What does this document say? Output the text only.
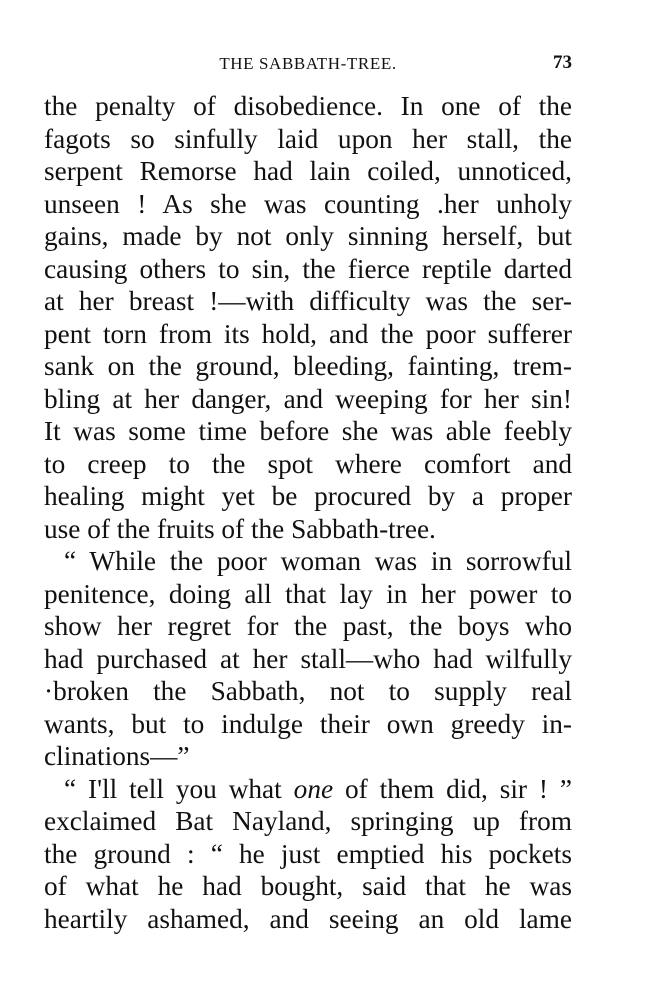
THE SABBATH-TREE.	73
the penalty of disobedience. In one of the
fagots so sinfully laid upon her stall, the
serpent Remorse had lain coiled, unnoticed,
unseen ! As she was counting .her unholy
gains, made by not only sinning herself, but
causing others to sin, the fierce reptile darted
at her breast !—with difficulty was the ser-
pent torn from its hold, and the poor sufferer
sank on the ground, bleeding, fainting, trem-
bling at her danger, and weeping for her sin!
It was some time before she was able feebly
to creep to the spot where comfort and
healing might yet be procured by a proper
use of the fruits of the Sabbath-tree.
“ While the poor woman was in sorrowful
penitence, doing all that lay in her power to
show her regret for the past, the boys who
had purchased at her stall—who had wilfully
·broken the Sabbath, not to supply real
wants, but to indulge their own greedy in-
clinations—”
“ I'll tell you what one of them did, sir ! ”
exclaimed Bat Nayland, springing up from
the ground : “ he just emptied his pockets
of what he had bought, said that he was
heartily ashamed, and seeing an old lame
